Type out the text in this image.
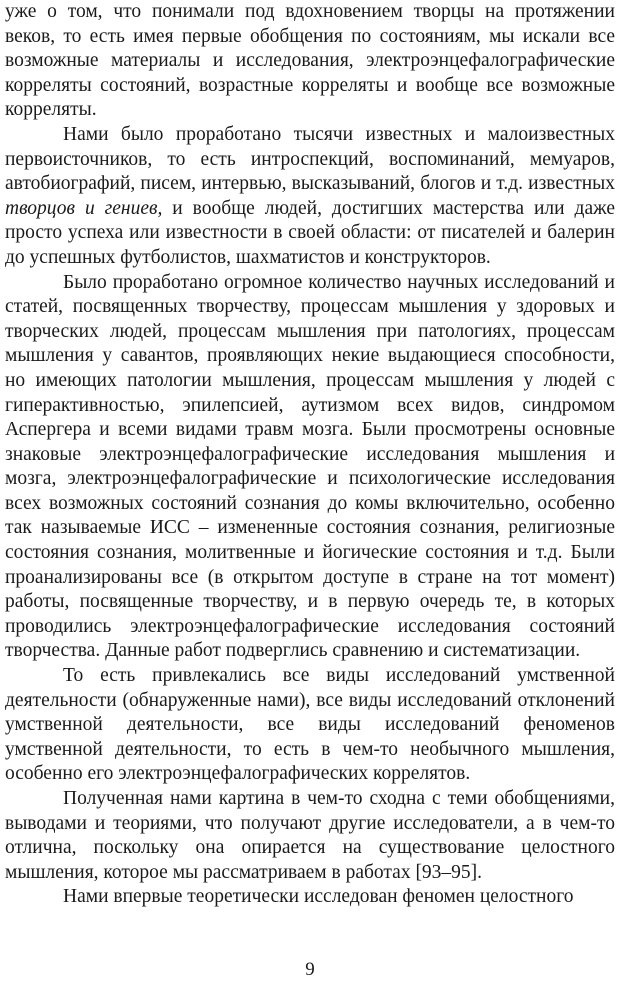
уже о том, что понимали под вдохновением творцы на протяжении веков, то есть имея первые обобщения по состояниям, мы искали все возможные материалы и исследования, электроэнцефалографические корреляты состояний, возрастные корреляты и вообще все возможные корреляты.

Нами было проработано тысячи известных и малоизвестных первоисточников, то есть интроспекций, воспоминаний, мемуаров, автобиографий, писем, интервью, высказываний, блогов и т.д. известных творцов и гениев, и вообще людей, достигших мастерства или даже просто успеха или известности в своей области: от писателей и балерин до успешных футболистов, шахматистов и конструкторов.

Было проработано огромное количество научных исследований и статей, посвященных творчеству, процессам мышления у здоровых и творческих людей, процессам мышления при патологиях, процессам мышления у савантов, проявляющих некие выдающиеся способности, но имеющих патологии мышления, процессам мышления у людей с гиперактивностью, эпилепсией, аутизмом всех видов, синдромом Аспергера и всеми видами травм мозга. Были просмотрены основные знаковые электроэнцефалографические исследования мышления и мозга, электроэнцефалографические и психологические исследования всех возможных состояний сознания до комы включительно, особенно так называемые ИСС – измененные состояния сознания, религиозные состояния сознания, молитвенные и йогические состояния и т.д. Были проанализированы все (в открытом доступе в стране на тот момент) работы, посвященные творчеству, и в первую очередь те, в которых проводились электроэнцефалографические исследования состояний творчества. Данные работ подверглись сравнению и систематизации.

То есть привлекались все виды исследований умственной деятельности (обнаруженные нами), все виды исследований отклонений умственной деятельности, все виды исследований феноменов умственной деятельности, то есть в чем-то необычного мышления, особенно его электроэнцефалографических коррелятов.

Полученная нами картина в чем-то сходна с теми обобщениями, выводами и теориями, что получают другие исследователи, а в чем-то отлична, поскольку она опирается на существование целостного мышления, которое мы рассматриваем в работах [93–95].

Нами впервые теоретически исследован феномен целостного

9
